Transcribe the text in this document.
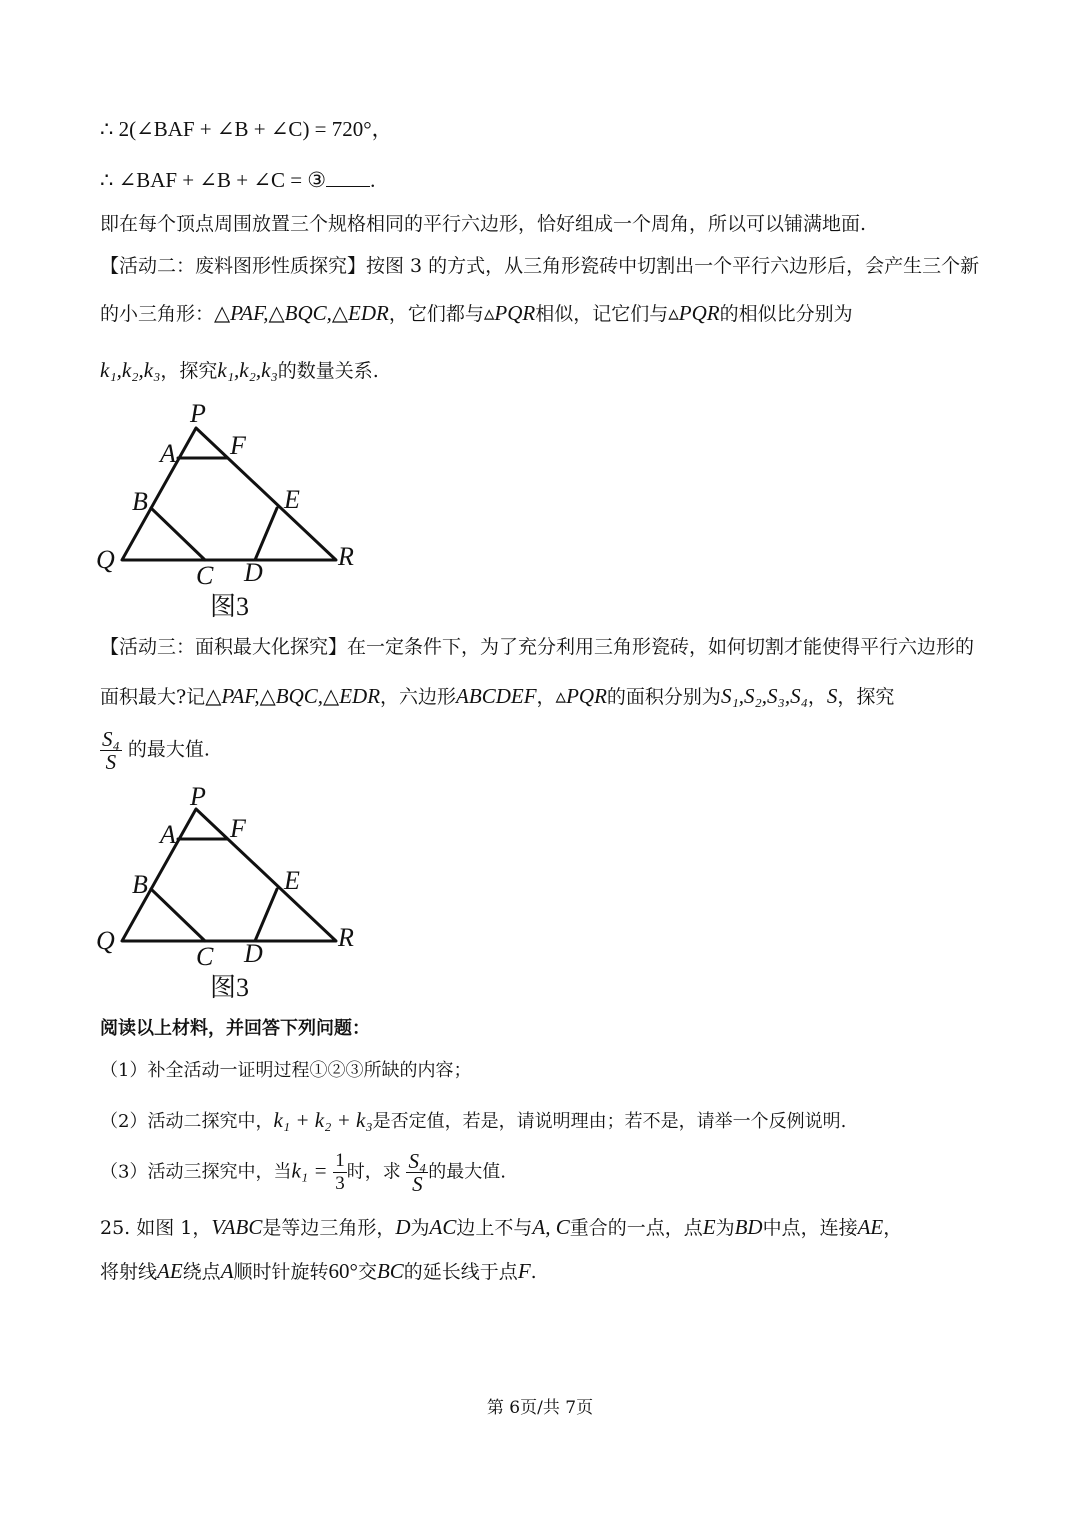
∴ 2(∠BAF + ∠B + ∠C) = 720°，
∴ ∠BAF + ∠B + ∠C = ③ .
即在每个顶点周围放置三个规格相同的平行六边形，恰好组成一个周角，所以可以铺满地面.
【活动二：废料图形性质探究】按图 3 的方式，从三角形瓷砖中切割出一个平行六边形后，会产生三个新
的小三角形：△PAF,△BQC,△EDR，它们都与▵PQR相似，记它们与▵PQR的相似比分别为
k₁,k₂,k₃，探究k₁,k₂,k₃的数量关系.
P
A F
B	E
Q
C D
R
图3
【活动三：面积最大化探究】在一定条件下，为了充分利用三角形瓷砖，如何切割才能使得平行六边形的
面积最大?记△PAF,△BQC,△EDR，六边形ABCDEF，▵PQR的面积分别为S₁,S₂,S₃,S₄，S，探究
$\frac{\text{S₄}}{S}$ 的最大值.
P
A F
B	E
Q
C D
R
图3
阅读以上材料，并回答下列问题：
（1）补全活动一证明过程①②③所缺的内容；
（2）活动二探究中，k₁ + k₂ + k₃是否定值，若是，请说明理由；若不是，请举一个反例说明.
（3）活动三探究中，当$k_1 = \frac{1}{3}$ 时，求 $\frac{\text{S₄}}{S}$ 的最大值.
25. 如图 1，VABC是等边三角形，D为AC边上不与A, C重合的一点，点E为BD中点，连接AE，
将射线AE绕点A顺时针旋转60°交BC的延长线于点F.
第 6页/共 7页
